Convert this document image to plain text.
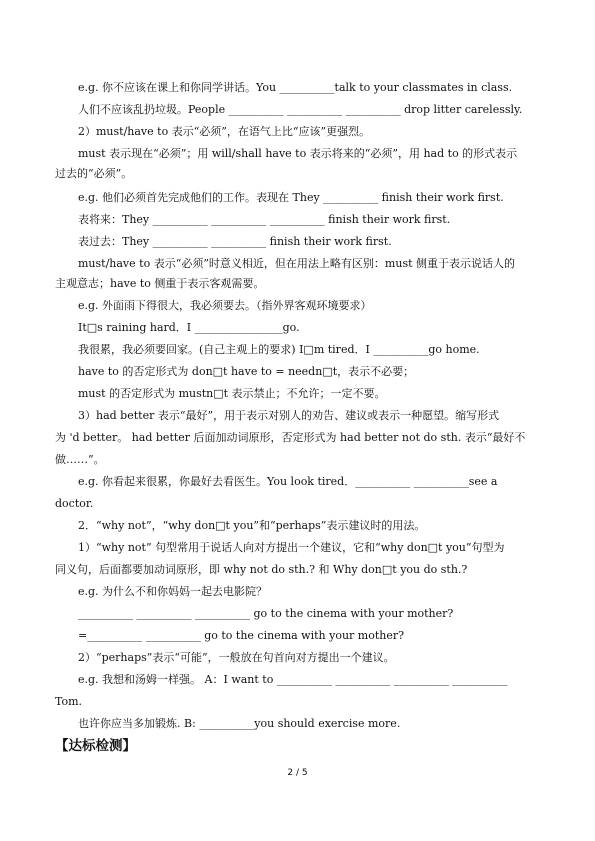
e.g. 你不应该在课上和你同学讲话。You __________talk to your classmates in class.
人们不应该乱扔垃圾。People __________ __________ __________ drop litter carelessly.
2）must/have to 表示“必须”，在语气上比“应该”更强烈。
must 表示现在“必须”；用 will/shall have to 表示将来的“必须”，用 had to 的形式表示
过去的“必须”。
e.g. 他们必须首先完成他们的工作。表现在 They __________ finish their work first.
表将来：They __________ __________ __________ finish their work first.
表过去：They __________ __________ finish their work first.
must/have to 表示“必须”时意义相近，但在用法上略有区别：must 侧重于表示说话人的
主观意志；have to 侧重于表示客观需要。
e.g. 外面雨下得很大，我必须要去。（指外界客观环境要求）
It□s raining hard．I ________________go.
我很累，我必须要回家。(自己主观上的要求) I□m tired．I __________go home.
have to 的否定形式为 don□t have to = needn□t，表示不必要；
must 的否定形式为 mustn□t 表示禁止；不允许；一定不要。
3）had better 表示“最好”，用于表示对别人的劝告、建议或表示一种愿望。缩写形式
为 'd better。 had better 后面加动词原形，否定形式为 had better not do sth. 表示“最好不
做……”。
e.g. 你看起来很累，你最好去看医生。You look tired．__________ __________see a
doctor.
2．“why not”，“why don□t you”和“perhaps”表示建议时的用法。
1）“why not” 句型常用于说话人向对方提出一个建议，它和“why don□t you”句型为
同义句，后面都要加动词原形，即 why not do sth.? 和 Why don□t you do sth.?
e.g. 为什么不和你妈妈一起去电影院？
__________ __________ __________ go to the cinema with your mother?
=__________ __________ go to the cinema with your mother?
2）“perhaps”表示“可能”，一般放在句首向对方提出一个建议。
e.g. 我想和汤姆一样强。 A：I want to __________ __________ __________ __________
Tom.
也许你应当多加锻炼. B: __________you should exercise more.
【达标检测】
2 / 5
